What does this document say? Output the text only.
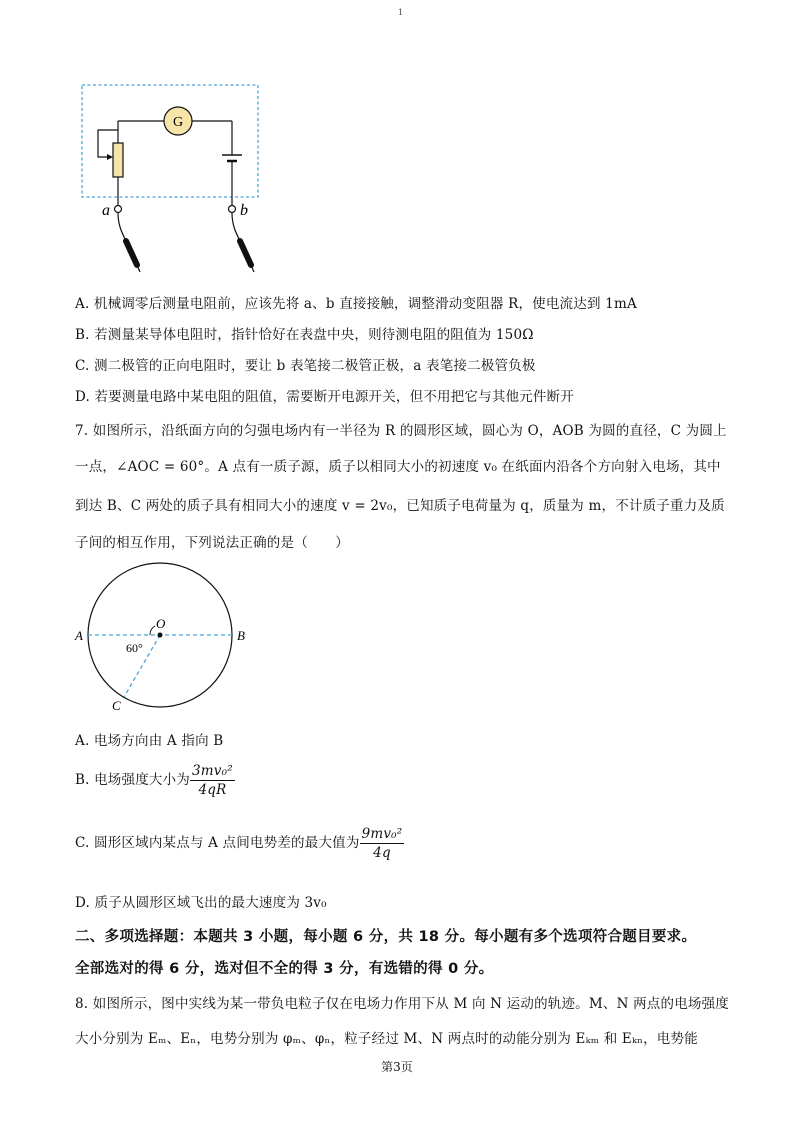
1
G
a	b
A. 机械调零后测量电阻前，应该先将 a、b 直接接触，调整滑动变阻器 R，使电流达到 1mA
B. 若测量某导体电阻时，指针恰好在表盘中央，则待测电阻的阻值为 150Ω
C. 测二极管的正向电阻时，要让 b 表笔接二极管正极，a 表笔接二极管负极
D. 若要测量电路中某电阻的阻值，需要断开电源开关，但不用把它与其他元件断开
7. 如图所示，沿纸面方向的匀强电场内有一半径为 R 的圆形区域，圆心为 O，AOB 为圆的直径，C 为圆上
一点，∠AOC = 60°。A 点有一质子源，质子以相同大小的初速度 v₀ 在纸面内沿各个方向射入电场，其中
到达 B、C 两处的质子具有相同大小的速度 v = 2v₀，已知质子电荷量为 q，质量为 m，不计质子重力及质
子间的相互作用，下列说法正确的是（　　）
O
A	B
C
60°
A. 电场方向由 A 指向 B
B. 电场强度大小为 $\frac{\text{3mv₀²}}{4qR}$
C. 圆形区域内某点与 A 点间电势差的最大值为 $\frac{\text{9mv₀²}}{4q}$
D. 质子从圆形区域飞出的最大速度为 3v₀
二、多项选择题：本题共 3 小题，每小题 6 分，共 18 分。每小题有多个选项符合题目要求。
全部选对的得 6 分，选对但不全的得 3 分，有选错的得 0 分。
8. 如图所示，图中实线为某一带负电粒子仅在电场力作用下从 M 向 N 运动的轨迹。M、N 两点的电场强度
大小分别为 Eₘ、Eₙ，电势分别为 φₘ、φₙ，粒子经过 M、N 两点时的动能分别为 Eₖₘ 和 Eₖₙ，电势能
第3页
